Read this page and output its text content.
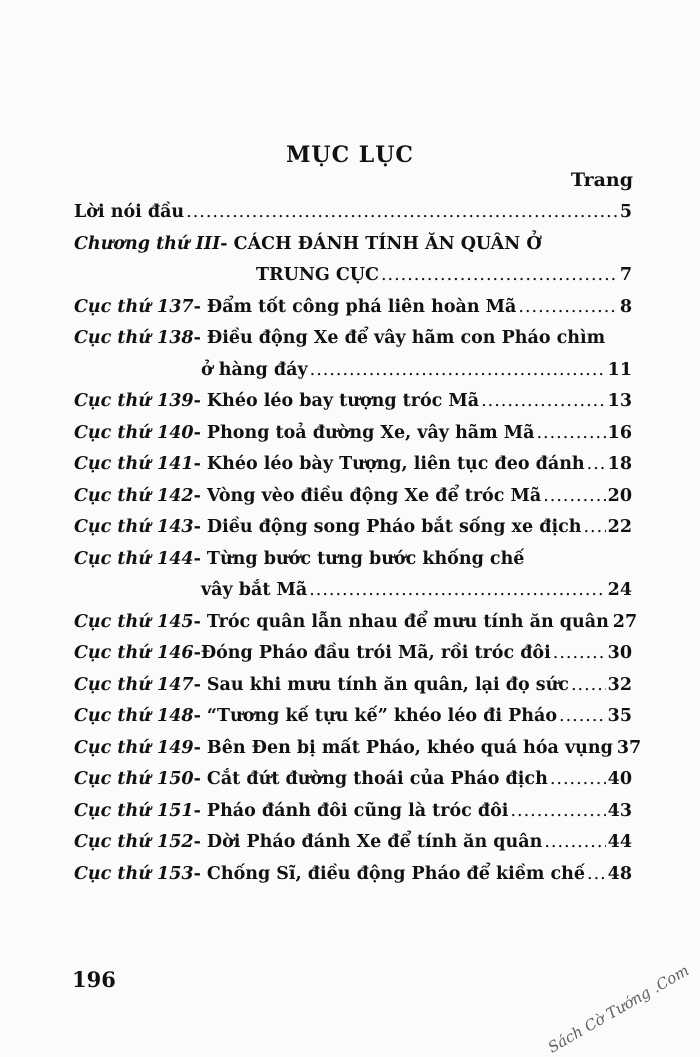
MỤC LỤC
Trang
Lời nói đầu .....	5
Chương thứ III - CÁCH ĐÁNH TÍNH ĂN QUÂN Ở
TRUNG CỤC .....	7
Cục thứ 137 - Đẩm tốt công phá liên hoàn Mã .....	8
Cục thứ 138 - Điều động Xe để vây hãm con Pháo chìm
ở hàng đáy .....	11
Cục thứ 139 - Khéo léo bay tượng tróc Mã .....	13
Cục thứ 140 - Phong toả đường Xe, vây hãm Mã .....	16
Cục thứ 141 - Khéo léo bày Tượng, liên tục đeo đánh ..... 18
Cục thứ 142 - Vòng vèo điều động Xe để tróc Mã .....	20
Cục thứ 143 - Diều động song Pháo bắt sống xe địch ..... 22
Cục thứ 144 - Từng bước tưng bước khống chế
vây bắt Mã .....	24
Cục thứ 145 - Tróc quân lẫn nhau để mưu tính ăn quân 27
Cục thứ 146 -Đóng Pháo đầu trói Mã, rồi tróc đôi .....	30
Cục thứ 147 - Sau khi mưu tính ăn quân, lại đọ sức ..... 32
Cục thứ 148 - “Tương kế tựu kế” khéo léo đi Pháo .....	35
Cục thứ 149 - Bên Đen bị mất Pháo, khéo quá hóa vụng 37
Cục thứ 150 - Cắt đứt đường thoái của Pháo địch .....	40
Cục thứ 151 - Pháo đánh đôi cũng là tróc đôi .....	43
Cục thứ 152 - Dời Pháo đánh Xe để tính ăn quân .....	44
Cục thứ 153 - Chống Sĩ, điều động Pháo để kiềm chế ..... 48
196	Sách Cờ Tướng .Com
